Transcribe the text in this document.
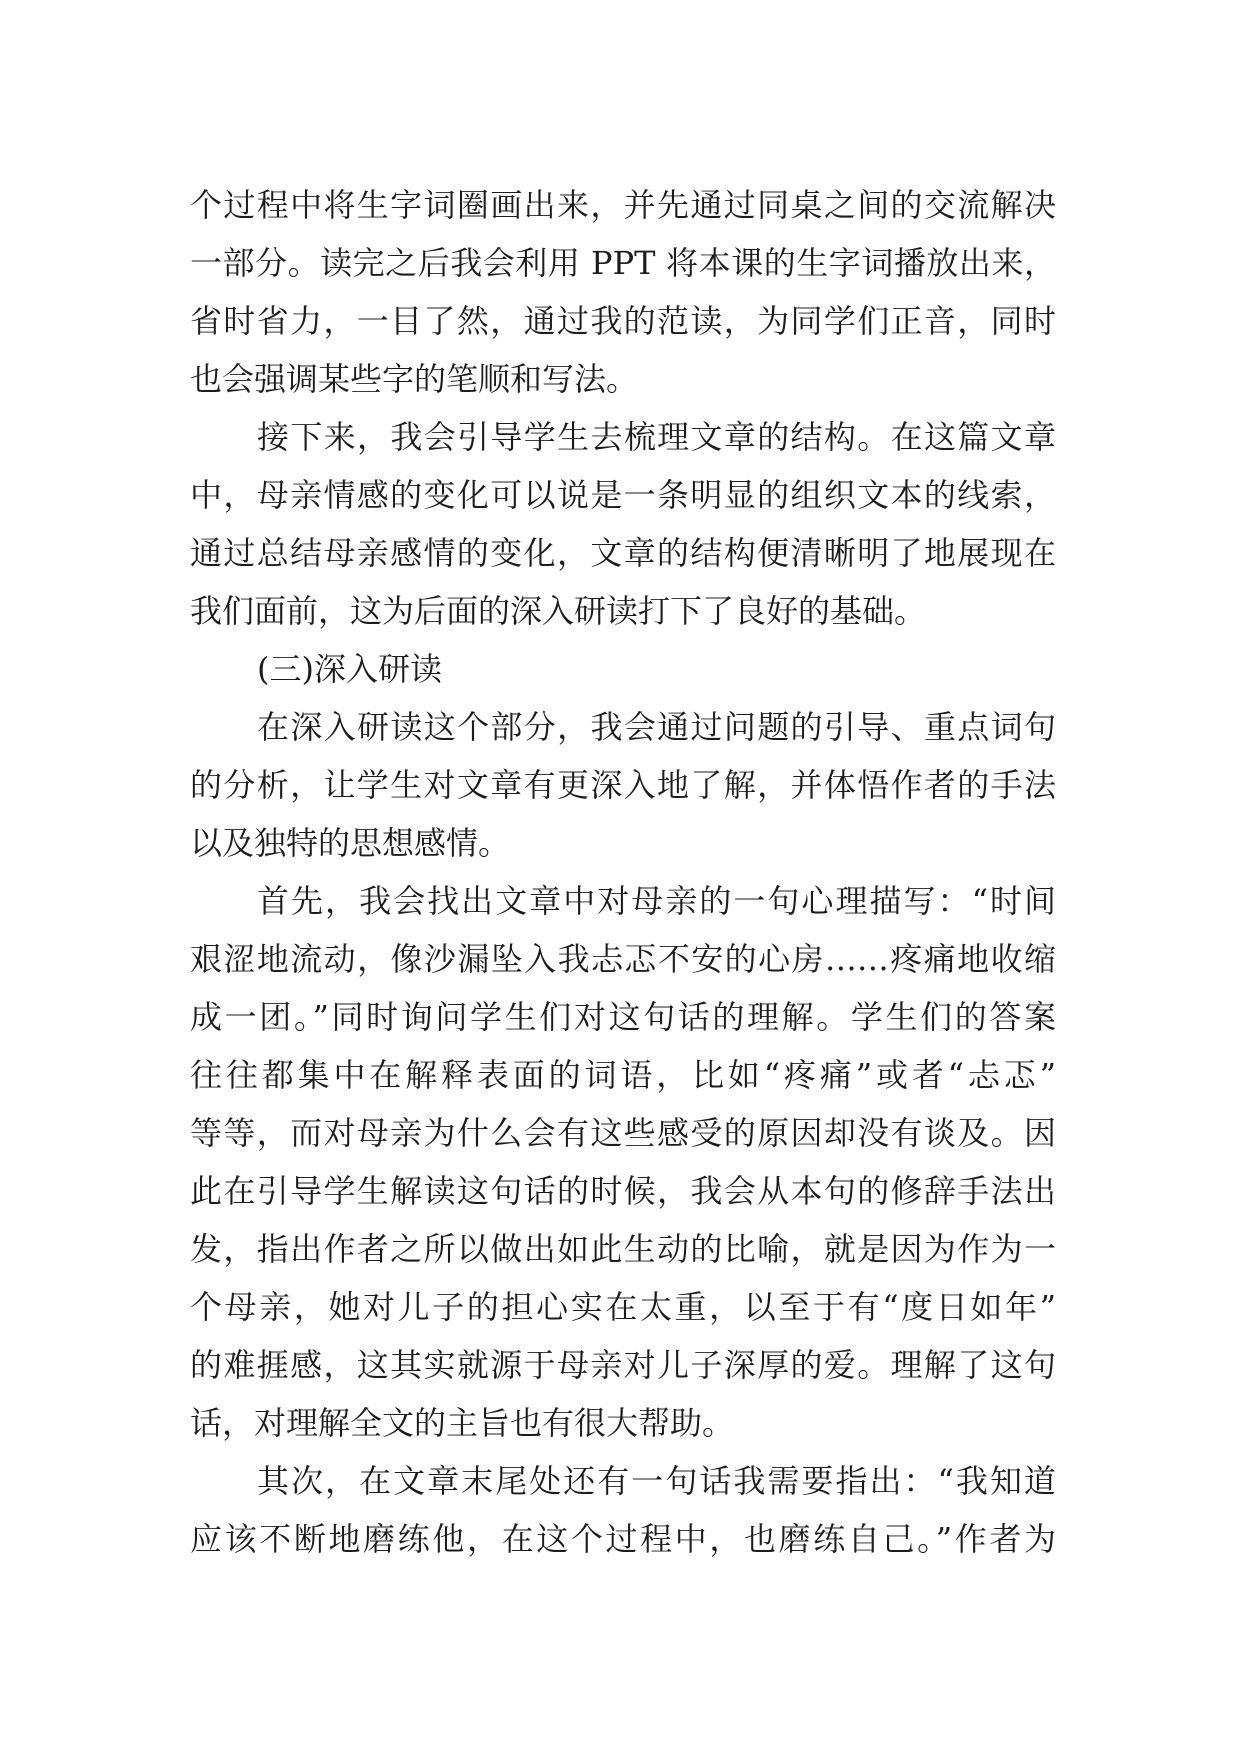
个过程中将生字词圈画出来，并先通过同桌之间的交流解决
一部分。读完之后我会利用 PPT 将本课的生字词播放出来，
省时省力，一目了然，通过我的范读，为同学们正音，同时
也会强调某些字的笔顺和写法。
接下来，我会引导学生去梳理文章的结构。在这篇文章
中，母亲情感的变化可以说是一条明显的组织文本的线索，
通过总结母亲感情的变化，文章的结构便清晰明了地展现在
我们面前，这为后面的深入研读打下了良好的基础。
(三)深入研读
在深入研读这个部分，我会通过问题的引导、重点词句
的分析，让学生对文章有更深入地了解，并体悟作者的手法
以及独特的思想感情。
首先，我会找出文章中对母亲的一句心理描写：“时间
艰涩地流动，像沙漏坠入我忐忑不安的心房……疼痛地收缩
成一团。”同时询问学生们对这句话的理解。学生们的答案
往往都集中在解释表面的词语，比如“疼痛”或者“忐忑”
等等，而对母亲为什么会有这些感受的原因却没有谈及。因
此在引导学生解读这句话的时候，我会从本句的修辞手法出
发，指出作者之所以做出如此生动的比喻，就是因为作为一
个母亲，她对儿子的担心实在太重，以至于有“度日如年”
的难捱感，这其实就源于母亲对儿子深厚的爱。理解了这句
话，对理解全文的主旨也有很大帮助。
其次，在文章末尾处还有一句话我需要指出：“我知道
应该不断地磨练他，在这个过程中，也磨练自己。”作者为
